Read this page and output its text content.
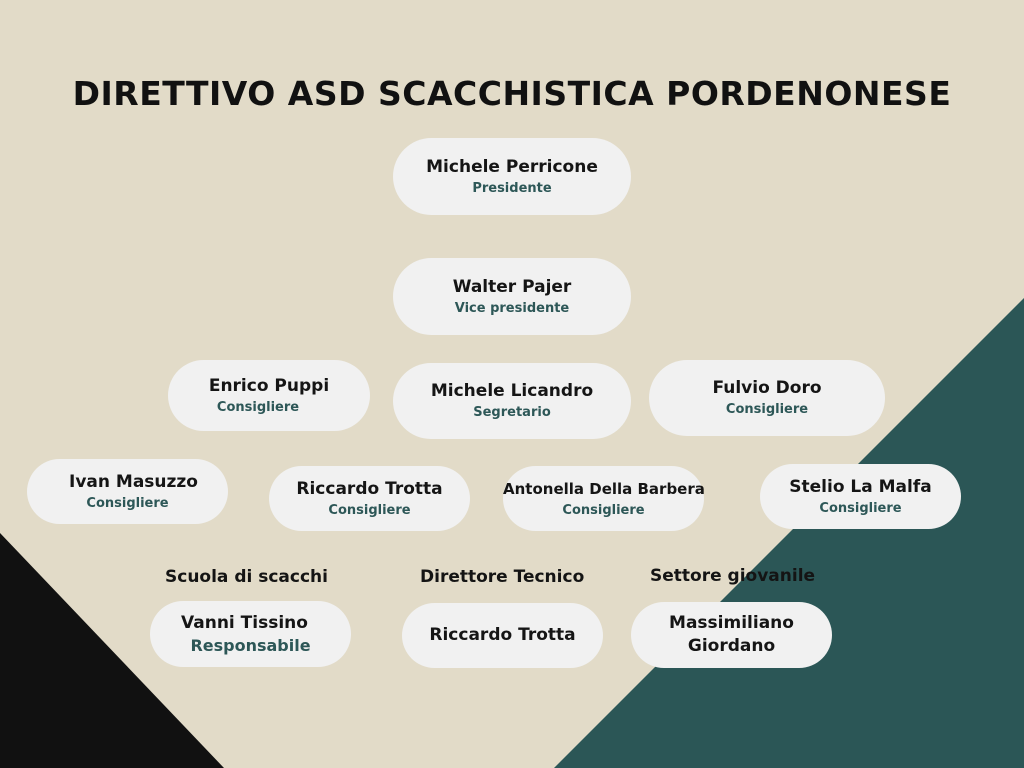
DIRETTIVO ASD SCACCHISTICA PORDENONESE
Michele Perricone
Presidente
Walter Pajer
Vice presidente
Enrico Puppi
Consigliere
Michele Licandro
Segretario
Fulvio Doro
Consigliere
Ivan Masuzzo
Consigliere
Riccardo Trotta
Consigliere
Antonella Della Barbera
Consigliere
Stelio La Malfa
Consigliere
Scuola di scacchi	Direttore Tecnico	Settore giovanile
Vanni Tissino
Responsabile	Riccardo Trotta
Massimiliano
Giordano
